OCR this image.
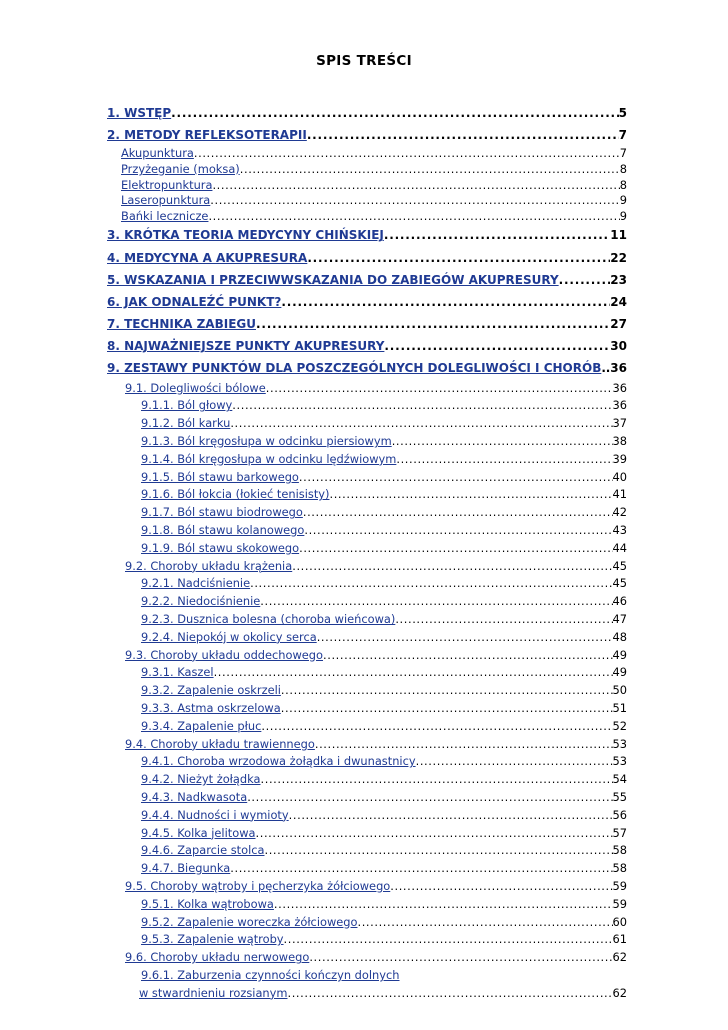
SPIS TREŚCI
1. WSTĘP .....	5
2. METODY REFLEKSOTERAPII .....	7
Akupunktura .....	7
Przyżeganie (moksa) .....	8
Elektropunktura .....	8
Laseropunktura .....	9
Bańki lecznicze .....	9
3. KRÓTKA TEORIA MEDYCYNY CHIŃSKIEJ .....	11
4. MEDYCYNA A AKUPRESURA .....	22
5. WSKAZANIA I PRZECIWWSKAZANIA DO ZABIEGÓW AKUPRESURY .....	23
6. JAK ODNALEŹĆ PUNKT? .....	24
7. TECHNIKA ZABIEGU .....	27
8. NAJWAŻNIEJSZE PUNKTY AKUPRESURY .....	30
9. ZESTAWY PUNKTÓW DLA POSZCZEGÓLNYCH DOLEGLIWOŚCI I CHORÓB ..... .36
9.1. Dolegliwości bólowe .....	36
9.1.1. Ból głowy .....	36
9.1.2. Ból karku .....	37
9.1.3. Ból kręgosłupa w odcinku piersiowym .....	38
9.1.4. Ból kręgosłupa w odcinku lędźwiowym .....	39
9.1.5. Ból stawu barkowego .....	40
9.1.6. Ból łokcia (łokieć tenisisty) .....	41
9.1.7. Ból stawu biodrowego .....	42
9.1.8. Ból stawu kolanowego .....	43
9.1.9. Ból stawu skokowego .....	44
9.2. Choroby układu krążenia .....	45
9.2.1. Nadciśnienie .....	45
9.2.2. Niedociśnienie .....	46
9.2.3. Dusznica bolesna (choroba wieńcowa) .....	47
9.2.4. Niepokój w okolicy serca .....	48
9.3. Choroby układu oddechowego .....	49
9.3.1. Kaszel .....	49
9.3.2. Zapalenie oskrzeli .....	50
9.3.3. Astma oskrzelowa .....	51
9.3.4. Zapalenie płuc .....	52
9.4. Choroby układu trawiennego .....	53
9.4.1. Choroba wrzodowa żołądka i dwunastnicy .....	53
9.4.2. Nieżyt żołądka .....	54
9.4.3. Nadkwasota .....	55
9.4.4. Nudności i wymioty .....	56
9.4.5. Kolka jelitowa .....	57
9.4.6. Zaparcie stolca .....	58
9.4.7. Biegunka .....	58
9.5. Choroby wątroby i pęcherzyka żółciowego .....	59
9.5.1. Kolka wątrobowa .....	59
9.5.2. Zapalenie woreczka żółciowego .....	60
9.5.3. Zapalenie wątroby .....	61
9.6. Choroby układu nerwowego .....	62
9.6.1. Zaburzenia czynności kończyn dolnych
w stwardnieniu rozsianym .....	62
